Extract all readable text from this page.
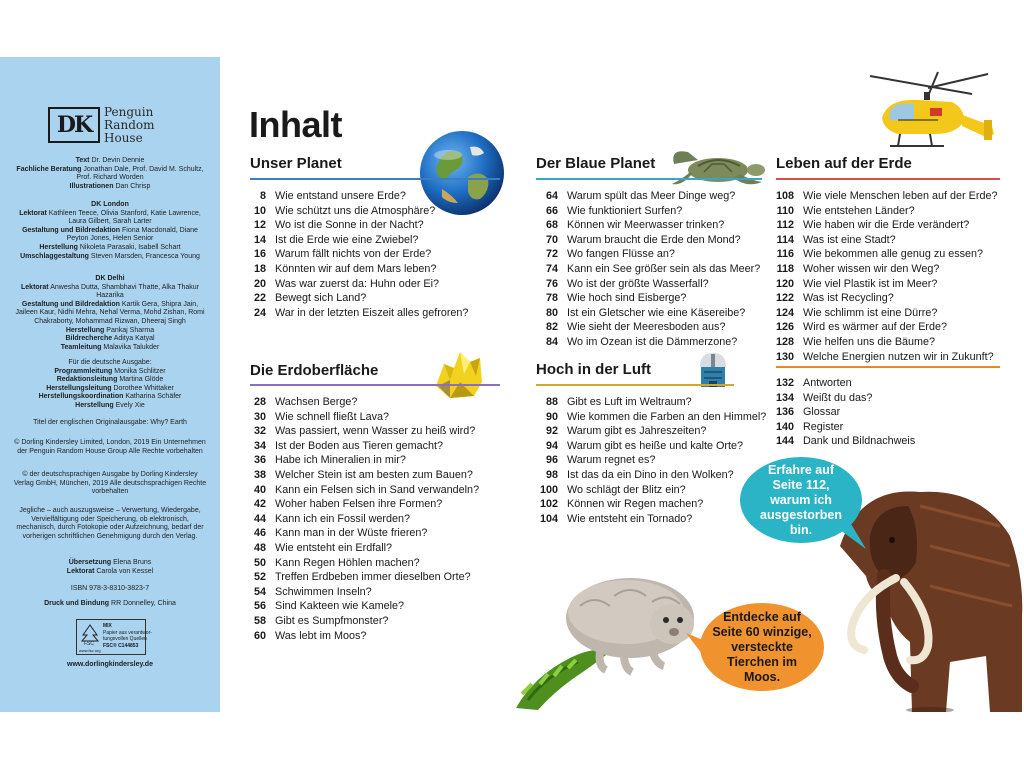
DK	Penguin
Random
House
Text Dr. Devin Dennie
Fachliche Beratung Jonathan Dale, Prof. David M. Schultz, Prof. Richard Worden
Illustrationen Dan Chrisp
DK London
Lektorat Kathleen Teece, Olivia Stanford, Katie Lawrence, Laura Gilbert, Sarah Larter
Gestaltung und Bildredaktion Fiona Macdonald, Diane Peyton Jones, Helen Senior
Herstellung Nikoleta Parasaki, Isabell Schart
Umschlaggestaltung Steven Marsden, Francesca Young
DK Delhi
Lektorat Anwesha Dutta, Shambhavi Thatte, Alka Thakur Hazarika
Gestaltung und Bildredaktion Kartik Gera, Shipra Jain, Jaileen Kaur, Nidhi Mehra, Nehal Verma, Mohd Zishan, Romi Chakraborty, Mohammad Rizwan, Dheeraj Singh
Herstellung Pankaj Sharma
Bildrecherche Aditya Katyal
Teamleitung Malavika Talukder
Für die deutsche Ausgabe:
Programmleitung Monika Schlitzer
Redaktionsleitung Martina Glöde
Herstellungsleitung Dorothee Whittaker
Herstellungskoordination Katharina Schäfer
Herstellung Evely Xie
Titel der englischen Originalausgabe: Why? Earth
© Dorling Kindersley Limited, London, 2019 Ein Unternehmen der Penguin Random House Group Alle Rechte vorbehalten
© der deutschsprachigen Ausgabe by Dorling Kindersley Verlag GmbH, München, 2019 Alle deutschsprachigen Rechte vorbehalten
Jegliche – auch auszugsweise – Verwertung, Wiedergabe, Vervielfältigung oder Speicherung, ob elektronisch, mechanisch, durch Fotokopie oder Aufzeichnung, bedarf der vorherigen schriftlichen Genehmigung durch den Verlag.
Übersetzung Elena Bruns
Lektorat Carola von Kessel
ISBN 978-3-8310-3823-7
Druck und Bindung RR Donnelley, China
FSC
MIX
Papier aus verantwor-
tungsvollen Quellen
FSC® C144853
www.fsc.org
www.dorlingkindersley.de
Inhalt
Erfahre auf Seite 112, warum ich ausgestorben bin.
Entdecke auf Seite 60 winzige, versteckte Tierchen im Moos.
Unser Planet
8 Wie entstand unsere Erde?
10 Wie schützt uns die Atmosphäre?
12 Wo ist die Sonne in der Nacht?
14 Ist die Erde wie eine Zwiebel?
16 Warum fällt nichts von der Erde?
18 Könnten wir auf dem Mars leben?
20 Was war zuerst da: Huhn oder Ei?
22 Bewegt sich Land?
24 War in der letzten Eiszeit alles gefroren?
Die Erdoberfläche
28 Wachsen Berge?
30 Wie schnell fließt Lava?
32 Was passiert, wenn Wasser zu heiß wird?
34 Ist der Boden aus Tieren gemacht?
36 Habe ich Mineralien in mir?
38 Welcher Stein ist am besten zum Bauen?
40 Kann ein Felsen sich in Sand verwandeln?
42 Woher haben Felsen ihre Formen?
44 Kann ich ein Fossil werden?
46 Kann man in der Wüste frieren?
48 Wie entsteht ein Erdfall?
50 Kann Regen Höhlen machen?
52 Treffen Erdbeben immer dieselben Orte?
54 Schwimmen Inseln?
56 Sind Kakteen wie Kamele?
58 Gibt es Sumpfmonster?
60 Was lebt im Moos?
Der Blaue Planet
64 Warum spült das Meer Dinge weg?
66 Wie funktioniert Surfen?
68 Können wir Meerwasser trinken?
70 Warum braucht die Erde den Mond?
72 Wo fangen Flüsse an?
74 Kann ein See größer sein als das Meer?
76 Wo ist der größte Wasserfall?
78 Wie hoch sind Eisberge?
80 Ist ein Gletscher wie eine Käsereibe?
82 Wie sieht der Meeresboden aus?
84 Wo im Ozean ist die Dämmerzone?
Hoch in der Luft
88 Gibt es Luft im Weltraum?
90 Wie kommen die Farben an den Himmel?
92 Warum gibt es Jahreszeiten?
94 Warum gibt es heiße und kalte Orte?
96 Warum regnet es?
98 Ist das da ein Dino in den Wolken?
100 Wo schlägt der Blitz ein?
102 Können wir Regen machen?
104 Wie entsteht ein Tornado?
Leben auf der Erde
108 Wie viele Menschen leben auf der Erde?
110 Wie entstehen Länder?
112 Wie haben wir die Erde verändert?
114 Was ist eine Stadt?
116 Wie bekommen alle genug zu essen?
118 Woher wissen wir den Weg?
120 Wie viel Plastik ist im Meer?
122 Was ist Recycling?
124 Wie schlimm ist eine Dürre?
126 Wird es wärmer auf der Erde?
128 Wie helfen uns die Bäume?
130 Welche Energien nutzen wir in Zukunft?
132 Antworten
134 Weißt du das?
136 Glossar
140 Register
144 Dank und Bildnachweis
